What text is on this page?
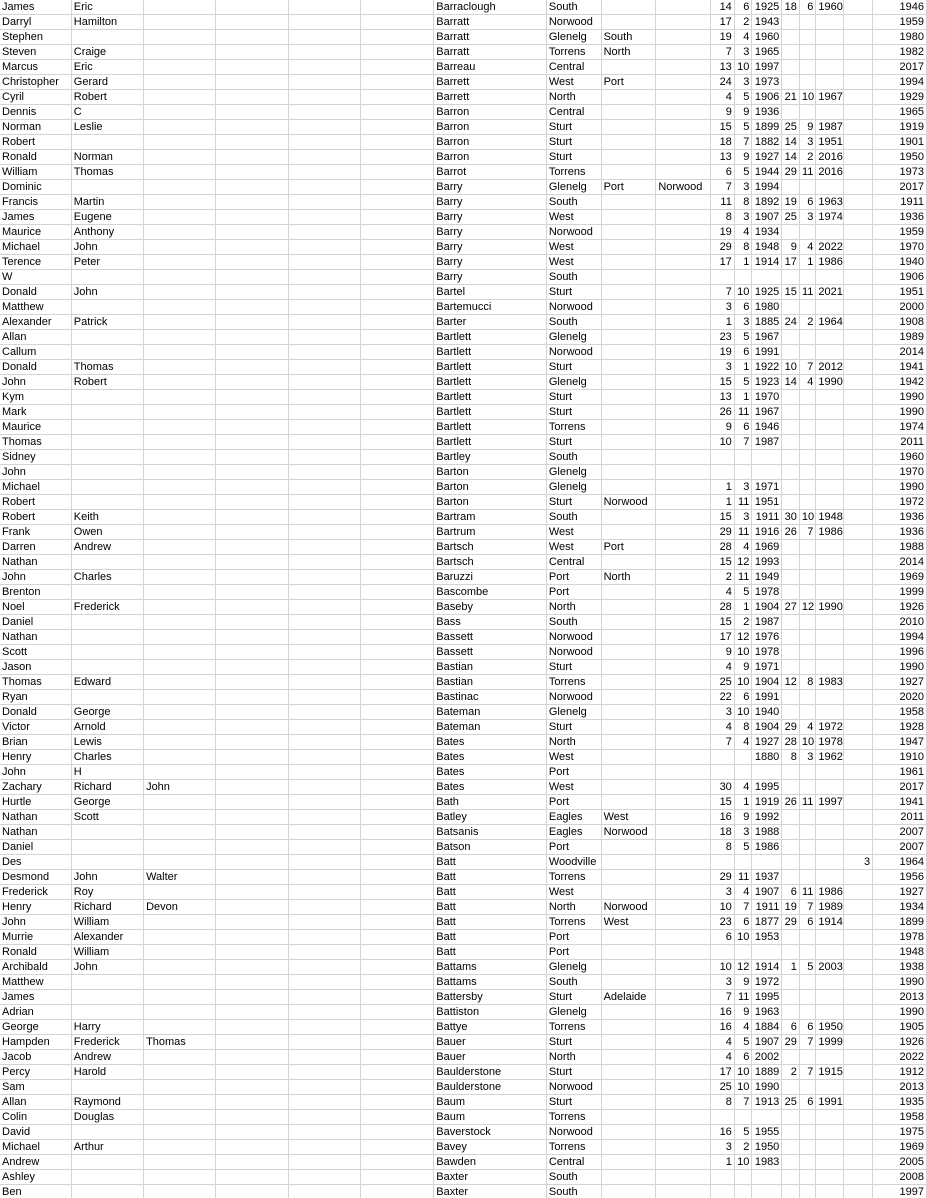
James	Eric					Barraclough	South			14	6	1925	18	6	1960		1946
Darryl	Hamilton					Barratt	Norwood			17	2	1943					1959
Stephen						Barratt	Glenelg	South		19	4	1960					1980
Steven	Craige					Barratt	Torrens	North		7	3	1965					1982
Marcus	Eric					Barreau	Central			13	10	1997					2017
Christopher	Gerard					Barrett	West	Port		24	3	1973					1994
Cyril	Robert					Barrett	North			4	5	1906	21	10	1967		1929
Dennis	C					Barron	Central			9	9	1936					1965
Norman	Leslie					Barron	Sturt			15	5	1899	25	9	1987		1919
Robert						Barron	Sturt			18	7	1882	14	3	1951		1901
Ronald	Norman					Barron	Sturt			13	9	1927	14	2	2016		1950
William	Thomas					Barrot	Torrens			6	5	1944	29	11	2016		1973
Dominic						Barry	Glenelg	Port	Norwood	7	3	1994					2017
Francis	Martin					Barry	South			11	8	1892	19	6	1963		1911
James	Eugene					Barry	West			8	3	1907	25	3	1974		1936
Maurice	Anthony					Barry	Norwood			19	4	1934					1959
Michael	John					Barry	West			29	8	1948	9	4	2022		1970
Terence	Peter					Barry	West			17	1	1914	17	1	1986		1940
W						Barry	South										1906
Donald	John					Bartel	Sturt			7	10	1925	15	11	2021		1951
Matthew						Bartemucci	Norwood			3	6	1980					2000
Alexander	Patrick					Barter	South			1	3	1885	24	2	1964		1908
Allan						Bartlett	Glenelg			23	5	1967					1989
Callum						Bartlett	Norwood			19	6	1991					2014
Donald	Thomas					Bartlett	Sturt			3	1	1922	10	7	2012		1941
John	Robert					Bartlett	Glenelg			15	5	1923	14	4	1990		1942
Kym						Bartlett	Sturt			13	1	1970					1990
Mark						Bartlett	Sturt			26	11	1967					1990
Maurice						Bartlett	Torrens			9	6	1946					1974
Thomas						Bartlett	Sturt			10	7	1987					2011
Sidney						Bartley	South										1960
John						Barton	Glenelg										1970
Michael						Barton	Glenelg			1	3	1971					1990
Robert						Barton	Sturt	Norwood		1	11	1951					1972
Robert	Keith					Bartram	South			15	3	1911	30	10	1948		1936
Frank	Owen					Bartrum	West			29	11	1916	26	7	1986		1936
Darren	Andrew					Bartsch	West	Port		28	4	1969					1988
Nathan						Bartsch	Central			15	12	1993					2014
John	Charles					Baruzzi	Port	North		2	11	1949					1969
Brenton						Bascombe	Port			4	5	1978					1999
Noel	Frederick					Baseby	North			28	1	1904	27	12	1990		1926
Daniel						Bass	South			15	2	1987					2010
Nathan						Bassett	Norwood			17	12	1976					1994
Scott						Bassett	Norwood			9	10	1978					1996
Jason						Bastian	Sturt			4	9	1971					1990
Thomas	Edward					Bastian	Torrens			25	10	1904	12	8	1983		1927
Ryan						Bastinac	Norwood			22	6	1991					2020
Donald	George					Bateman	Glenelg			3	10	1940					1958
Victor	Arnold					Bateman	Sturt			4	8	1904	29	4	1972		1928
Brian	Lewis					Bates	North			7	4	1927	28	10	1978		1947
Henry	Charles					Bates	West					1880	8	3	1962		1910
John	H					Bates	Port										1961
Zachary	Richard	John				Bates	West			30	4	1995					2017
Hurtle	George					Bath	Port			15	1	1919	26	11	1997		1941
Nathan	Scott					Batley	Eagles	West		16	9	1992					2011
Nathan						Batsanis	Eagles	Norwood		18	3	1988					2007
Daniel						Batson	Port			8	5	1986					2007
Des						Batt	Woodville									3	1964
Desmond	John	Walter				Batt	Torrens			29	11	1937					1956
Frederick	Roy					Batt	West			3	4	1907	6	11	1986		1927
Henry	Richard	Devon				Batt	North	Norwood		10	7	1911	19	7	1989		1934
John	William					Batt	Torrens	West		23	6	1877	29	6	1914		1899
Murrie	Alexander					Batt	Port			6	10	1953					1978
Ronald	William					Batt	Port										1948
Archibald	John					Battams	Glenelg			10	12	1914	1	5	2003		1938
Matthew						Battams	South			3	9	1972					1990
James						Battersby	Sturt	Adelaide		7	11	1995					2013
Adrian						Battiston	Glenelg			16	9	1963					1990
George	Harry					Battye	Torrens			16	4	1884	6	6	1950		1905
Hampden	Frederick	Thomas				Bauer	Sturt			4	5	1907	29	7	1999		1926
Jacob	Andrew					Bauer	North			4	6	2002					2022
Percy	Harold					Baulderstone	Sturt			17	10	1889	2	7	1915		1912
Sam						Baulderstone	Norwood			25	10	1990					2013
Allan	Raymond					Baum	Sturt			8	7	1913	25	6	1991		1935
Colin	Douglas					Baum	Torrens										1958
David						Baverstock	Norwood			16	5	1955					1975
Michael	Arthur					Bavey	Torrens			3	2	1950					1969
Andrew						Bawden	Central			1	10	1983					2005
Ashley						Baxter	South										2008
Ben						Baxter	South										1997
